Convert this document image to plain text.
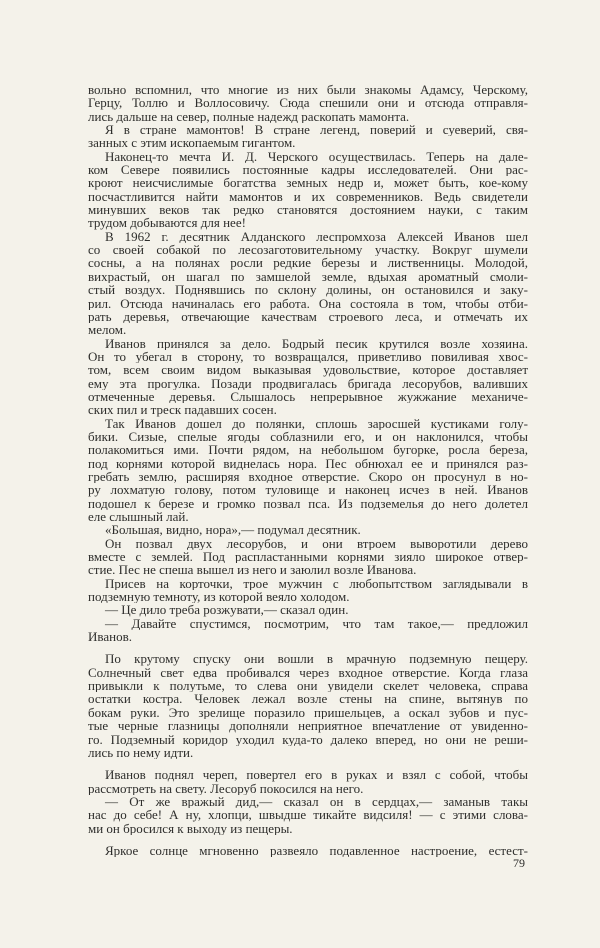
вольно вспомнил, что многие из них были знакомы Адамсу, Черскому,
Герцу, Толлю и Воллосовичу. Сюда спешили они и отсюда отправля-
лись дальше на север, полные надежд раскопать мамонта.
Я в стране мамонтов! В стране легенд, поверий и суеверий, свя-
занных с этим ископаемым гигантом.
Наконец-то мечта И. Д. Черского осуществилась. Теперь на дале-
ком Севере появились постоянные кадры исследователей. Они рас-
кроют неисчислимые богатства земных недр и, может быть, кое-кому
посчастливится найти мамонтов и их современников. Ведь свидетели
минувших веков так редко становятся достоянием науки, с таким
трудом добываются для нее!
В 1962 г. десятник Алданского леспромхоза Алексей Иванов шел
со своей собакой по лесозаготовительному участку. Вокруг шумели
сосны, а на полянах росли редкие березы и лиственницы. Молодой,
вихрастый, он шагал по замшелой земле, вдыхая ароматный смоли-
стый воздух. Поднявшись по склону долины, он остановился и заку-
рил. Отсюда начиналась его работа. Она состояла в том, чтобы отби-
рать деревья, отвечающие качествам строевого леса, и отмечать их
мелом.
Иванов принялся за дело. Бодрый песик крутился возле хозяина.
Он то убегал в сторону, то возвращался, приветливо повиливая хвос-
том, всем своим видом выказывая удовольствие, которое доставляет
ему эта прогулка. Позади продвигалась бригада лесорубов, валивших
отмеченные деревья. Слышалось непрерывное жужжание механиче-
ских пил и треск падавших сосен.
Так Иванов дошел до полянки, сплошь заросшей кустиками голу-
бики. Сизые, спелые ягоды соблазнили его, и он наклонился, чтобы
полакомиться ими. Почти рядом, на небольшом бугорке, росла береза,
под корнями которой виднелась нора. Пес обнюхал ее и принялся раз-
гребать землю, расширяя входное отверстие. Скоро он просунул в но-
ру лохматую голову, потом туловище и наконец исчез в ней. Иванов
подошел к березе и громко позвал пса. Из подземелья до него долетел
еле слышный лай.
«Большая, видно, нора»,— подумал десятник.
Он позвал двух лесорубов, и они втроем выворотили дерево
вместе с землей. Под распластанными корнями зияло широкое отвер-
стие. Пес не спеша вышел из него и заюлил возле Иванова.
Присев на корточки, трое мужчин с любопытством заглядывали в
подземную темноту, из которой веяло холодом.
— Це дило треба розжувати,— сказал один.
— Давайте спустимся, посмотрим, что там такое,— предложил
Иванов.
По крутому спуску они вошли в мрачную подземную пещеру.
Солнечный свет едва пробивался через входное отверстие. Когда глаза
привыкли к полутьме, то слева они увидели скелет человека, справа
остатки костра. Человек лежал возле стены на спине, вытянув по
бокам руки. Это зрелище поразило пришельцев, а оскал зубов и пус-
тые черные глазницы дополняли неприятное впечатление от увиденно-
го. Подземный коридор уходил куда-то далеко вперед, но они не реши-
лись по нему идти.
Иванов поднял череп, повертел его в руках и взял с собой, чтобы
рассмотреть на свету. Лесоруб покосился на него.
— От же вражый дид,— сказал он в сердцах,— заманыв такы
нас до себе! А ну, хлопци, швыдше тикайте видсиля! — с этими слова-
ми он бросился к выходу из пещеры.
Яркое солнце мгновенно развеяло подавленное настроение, естест-
79
